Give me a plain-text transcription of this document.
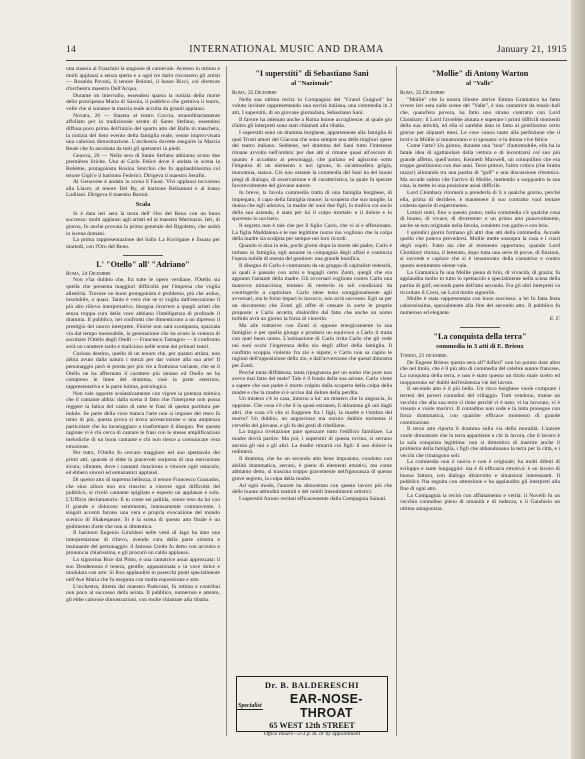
14	INTERNATIONAL MUSIC AND DRAMA	January 21, 1915

rata stasera al Fraschini la stagione di carnevale. Avremo in ottimo e molti applausi a senza spetta e a ogni tre darlo riscossero gli artisti — Rosalda Pavoni, il tenore Bolonti, il basso Ricci, col direttore d'orchestra maestro Dell'Acqua.

Durante un intervallo, essendosi sparsa la notizia della morte della principessa Maria di Savoia, il pubblico che gremiva il teatro, volle che si sonasse la marcia reale accolta da grandi applausi.

Novara, 26 — Stasera al teatro Coccia, straordinariamente affollato per la tradizionale serata di Santo Stefano, essendosi diffusa poco prima dell'inizio del quarto atto del Ballo in maschera, la notizia del lieto evento della famiglia reale, venne improvvisata una calorosa dimostrazione. L'orchestra dovette eseguire la Marcia Reale che fu ascoltata da tutti gli spettatori in piedi.

Genova, 26 — Nella sera di Santo Stefano abbiamo avuto due premières liriche. Una al Carlo Felice dove è andata in scena la Bohème, protagonista Rosina Storchio che fu applauditissima col tenore Gigli e il baritono Federici. Dirigeva il maestro Serafin.

Al Genovese è andata in scena il Faust. Vivi applausi toccarono alla Llacer, al tenore Del Ry, al baritone Bellantoni e al basso Lodilani. Dirigeva il maestro Baroni.

Scala

Si è data ieri sera la terza dell' Oro del Reno con un buon successo: molti applausi agli artisti ed al maestro Marinuzzi. Ieri, di giorno, fu anche provata la prima generale del Rigoletto, che andrà in iscena domani.

La prima rappresentazione del ballo La Korrigane è fissata per martedì, con l'Oro del Reno.

L' "Otello" all' "Adriano"

Roma, 24 Dicembre

Non v'ha dubbio che, fra tutte le opere verdiane, l'Otello sia quella che presenta maggiori difficoltà per l'impresa che voglia allestirla. Trovare un buon protagonista è problema, più che arduo, insolubile, o quasi. Tanto è vero che se si voglia dall'esecuzione il più alto rilievo interpretativo, bisogna ricorrere a quegli artisti che senza troppa cura della voce abbiano l'intelligenza di profonde il dramma. Il pubblico, nei confronti che dimenticono a un dipresso il prestigio del nuovo interprete. Finché non sarà scomparsa, spazzata via dal tempo inesorabile, la generazione che ha avuto la ventura di ascoltare l'Otello degli Otelli — Francesco Tamagno — il confronto avrà un carattere tardo e malicioso nelle scene dei primari teatri.

Curioso destino, quello di un tenore che, per quanto artista, non abbia avuto dalla natura i mezzi per dar valore alla sua arte! Il personaggio però si presta per più vie a fruttuosa variante, che se il Otello ne ha affermato il carattere più umano ed Otello ne ha compreso le linee del dramma, cioè la parte esteriore, rappresentativa e la parte intima, psicologica.

Non vale opporre scolasticamente con vigore la potenza mimica che il cantante abbia: dalla scena il fatto che l'interprete non possa reggere la fatica del canto di tutte le frasi di questa partitura per indole. Se parte della voce manca l'arte non si impone del resto fa tanto di più, questa prova si trova un'esecuzione o una ampiezza particolare che ha incoraggiato a trasformare il disegno. Per questa ragione vi è chi cerca di cantare le frasi con le stesse amplificazioni melodiche di un buon cantante e chi non riesce a comunicare vera emozione.

Per tutto, l'Otello fu cercato maggiore nel suo spettacolo dei primi atti, quando si ebbe la piacevole sorpresa di una esecuzione sicura, vibrante, dove i cantanti riuscirono a vincere ogni ostacolo, ed ebbero sinceri ed entusiastici applausi.

Di questo atto di suprema bellezza, il tenore Francesco Granados, che sino allora non era riuscito a vincere ogni difficoltà del pubblico, si rivelò cantante spigliato e esperto un applauso e solo. L'Ufficio declamatorio: E tu come sei pallida, venne reso da lui con il grande e doloroso sentimento, intensamente commovente, i singoli accenti furono una vera e propria evocazione del mondo scenico di Shakespeare. Si è la scena di questo atto finale è un godimento d'arte che non si dimentica.

Il baritono Eugenio Giraldoni nelle vesti di Jago ha dato una interpretazione di rilievo, avendo cura della parte sinistra e insinuante del personaggio: il famoso Credo fu detto con accento e pronuncia chiarissima, e gli procurò un caldo applauso.

La signorina Rice dal Pinto, è una cantatrice assai apprezzata: il suo Desdemona è tenera, gentile, appassionata e la voce dolce e modulata con arte. Si fece applaudire in parecchi punti specialmente nell'Ave Maria che fu eseguita con molta espressione e arte.

L'orchestra, diretta dal maestro Padovani, fu ottima e contribuì non poco al successo della serata. Il pubblico, numeroso e attento, gli ebbe calorose dimostrazioni, con molte chiamate alla ribalta.

"I superstiti" di Sebastiano Sani
al "Nazionale"

Roma, 25 Dicembre

Nella sua ultima recita la Compagnia del "Grand Guignol" ha voluto invitare rappresentando una novità italiana, una commedia in 3 atti, I superstiti, di un giovane giornalista, Sebastiano Sani.

Il favore ha ottenuto anche a Roma buone accoglienze; al quale gio d'altro gli interpreti sono stati chiamati alla ribalta.

I superstiti sono un dramma borghese, appartenente alla famiglia di quei Trusti amori del Giacosa che sono sempre una delle migliori opere del teatro italiano. Sebbene, nel dramma del Sani tutto l'interesse rimane avvolto nell'ombra: per due atti si rimane quasi all'oscuro di quanto è accaduto ai personaggi, che parlano ed agiscono sotto l'impulso di un elemento a noi ignoto, in un'atmosfera grigia, monotona, stanca. Ciò non ostante la commedia del Sani ha dei buoni pregi di dialogo, di osservazione e di caratteristica, la quale fa sperare favorevolmente del giovane autore.

In breve, la favola commedia tratta di una famiglia borghese, di impiegato, il capo della famiglia muore; la scoperta che suo moglie, la donna che egli adorava, la madre de' suoi due figli, lo tradiva col socio della sua azienda, è stata per lui il colpo mortale: e il dolore e lo spavento lo uccisero.

Il segreto non è tale che per il figlio Carlo, che vi si è affezionato. La figlia Maddalena e le sue legittime nozze ma vogliono che la colpa della madre sia scolpita per sempre nei loro ricordi.

Quando si alza la tela, pochi giorni dopo la morte del padre, Carlo è turbato in famiglia, egli assume la compagnia degli affari e comincia l'opera nobile di onesta del genitore: una grande bonifica.

Il disegno di Carlo è contrastato da un gruppo di capitalisti tedeschi, ai quali è passato con armi e bagagli certo Zonti, quegli che era appunto l'amante della madre. Gli avversari vogliono contro Carlo una manovra minacciosa; tentano di metterlo in tali condizioni da costringerlo a capitolare. Carlo tiene testa coraggiosamente agli avversari, ma le forze impari lo incocco, non avrà successo. Egli sa per un documento che Zonti gli offre di cessare la sorte le proprie proposte: e Carlo accetta, sbalordito dal fatto che anche un uomo torbido avrà un giorno la forza di vincerlo.

Ma alle trattative con Zonti si oppone energicamente la sua famiglia: e per quella giunge a prodursi un equivoco a Carlo il tratta con quel buon uomo. L'ostinazione di Carlo irrita Carlo che gli vede nei suoi occhi l'ingerenza dello zio degli affari della famiglia. Il conflitto scoppia violento fra zio e nipote; e Carlo non sa capire le ragioni dell'opposizione dello zio, e dall'avversione che questi dimostra per Zonti.

Perché tanta diffidenza, tanta ripugnanza per un uomo che pure non aveva mai fatto del male? Tale è il fondo della sua azione. Carlo viene a sapere che suo padre è morto colpito dalla scoperta della colpa della madre e che la madre si è uccisa dal dolore della perdita.

Un mistero c'è in casa, intorno a lui: un mistero che lo angoscia, lo opprime. Che cosa c'è che il la quasi estraneo, li allontana gli uni dagli altri, che cosa c'è che si frappone fra i figli, la madre e l'ombra del morto? Un dubbio, un angoscioso ma oscuro dubbio tormenta il cervello del giovane, e gli fa dei gesti di ribellione.

La tragica rivelazione pare spezzare tutto l'edificio familiare. La madre dovrà partire. Ma poi, i superstiti di questa rovina, si serrano ancora gli uni a gli altri. La madre rimarrà coi figli: il suo dolore la redimerà.

Il dramma, che ha un secondo atto bene impostato, condotto con abilità drammatica, serrato, è pieno di elementi emotivi, ma come abbiamo detto, si trascina troppo gravemente nell'ignoranza di questo grave segreto, la colpa della madre.

Ad ogni modo, l'autore ha dimostrato con questo lavoro più che delle buone attitudini teatrali e dei nobili intendimenti artistici.

I superstiti furono recitati efficacemente dalla Compagnia Sainati.

Dr. B. BALDERESCHI
Specialist	EAR-NOSE-THROAT
65 WEST 12th STREET
Office Hours—2-3 p. m. or by appointment
"Mollie" di Antony Warton
al "Valle"

Roma, 25 Dicembre

"Mollie" che la nostra illustre attrice Emma Gramatica ha fatto vivere ieri sera sulle scene del "Valle", è una cantatrice da music-hall che, quand'era povera, ha fatto uno strano contratto con Lord Clombary: il Lord l'avrebbe aiutata e superare i primi difficili momenti della sua attività, ed ella si sarebbe data in fatto al gentiluomo certo giorno per alquanti mesi. Le cose vanno tanto alla perfezione che il lord e la Mollie si innamorano e si sposano: e la donna vive felice.

Come l'arte? Un giorno, durante una "tour" d'automobile, ella ha la fatale idea di sgattaiolare dalla vettura e di incontrarsi col suo più grande affetto, quell'uomo, Kenneth Maxwell, un coinquilino che era troppo gentiluomo con due anni. Terre pittore, l'altro critico (che brutta razza!) allorando tra una partita di "golf" e una discussione d'estetica. Ma accade subito che l'arrivo di Mollie, mettendo a soqquadro la sua casa, la mette in una posizione assai difficile.

Lord Clombary ritornerà a prenderla di li a qualche giorno, perché ella, prima di decidere, è mantenere il suo contratto vuol tentare codesta specie di esperimento.

Lettori miei, fino a questo punto, nella commedia c'è qualche cosa di buono, di vivace, di divertente: e un primo atto piacevolmente, anche se non originale nella favola, condotto con garbo e con brio.

I quindici giorni formano gli altri due atti della commedia. Accade quello che poteva prevedersi. Mollie mette sossopra la casa e i cuori degli ospiti. Fatto sta che al momento opportuno, quando Lord Clombary ritorna, il letterato, dopo tutta una serie di prove, di finzioni, si ravvede e capisce che si è innamorato della cantatrice e contro questo sentimento niente vale.

La Gramatica fu una Mollie piena di brio, di vivacità, di grazia; fu applaudita molto in tutto lo spettacolo e specialmente nella scena della partita di golf, seconda parte dell'atto secondo. Fra gli altri interpreti va ricordato il Corsi, un Lord molto signorile.

Mollie è stata rappresentata con buon successo: a lei fu fatta festa calorosissima, specialmente alla fine del secondo atto. Il pubblico fu numeroso ed elegante.

E. F.

"La conquista della terra"
commedia in 3 atti di E. Brieux

Torino, 21 dicembre.

De Eugene Brieux questa sera all'"Alfieri" non ho potuto dare altro che nel titolo, che è il più alto di commedia del celebre autore francese, La conquista della terra, e non è stato questo un titolo male scelto ed inopportuno ne' dubbi dell'esistenza vie del lavoro.

Il secondo atto è il più bello. Un ricco borghese vuole comprare i terreni dei poveri contadini del villaggio. Tutti vendono, tranne un vecchio che alla sua terra ci tiene perché vi è nato, vi ha lavorato, vi è vissuto e vuole morirvi. Il contadino non cede e la lotta prosegue con forza drammatica, con qualche efficace momento di grande commozione.

Il terzo atto riporta il dramma sulla via della moralità. L'autore vuole dimostrare che la terra appartiene a chi la lavora, che il lavoro è la sola conquista legittima: non si dimentica di inserire anche il problema della famiglia, i figli che abbandonano la terra per la città, e i vecchi che rimangono soli.

La commedia non è nuova e non è originale; ha molti difetti di sviluppo e tante lungaggini: ma è di efficacia emotiva: è un lavoro di buona fattura, con dialogo disinvolto e situazioni interessanti. Il pubblico l'ha seguita con attenzione e ha applaudito gli interpreti alla fine di ogni atto.

La Compagnia la recitò con affiatamento e verità: il Novelli fu un vecchio contadino pieno di umanità e di rudezza, e il Gandusio un ottimo antagonista.
